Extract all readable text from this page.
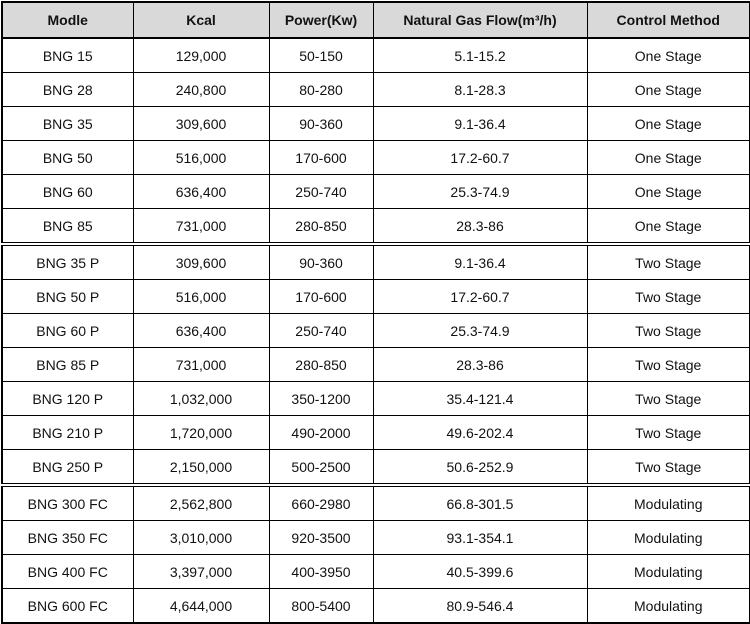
Modle	Kcal	Power(Kw)	Natural Gas Flow(m³/h)	Control Method
BNG 15	129,000	50-150	5.1-15.2	One Stage
BNG 28	240,800	80-280	8.1-28.3	One Stage
BNG 35	309,600	90-360	9.1-36.4	One Stage
BNG 50	516,000	170-600	17.2-60.7	One Stage
BNG 60	636,400	250-740	25.3-74.9	One Stage
BNG 85	731,000	280-850	28.3-86	One Stage
BNG 35 P	309,600	90-360	9.1-36.4	Two Stage
BNG 50 P	516,000	170-600	17.2-60.7	Two Stage
BNG 60 P	636,400	250-740	25.3-74.9	Two Stage
BNG 85 P	731,000	280-850	28.3-86	Two Stage
BNG 120 P	1,032,000	350-1200	35.4-121.4	Two Stage
BNG 210 P	1,720,000	490-2000	49.6-202.4	Two Stage
BNG 250 P	2,150,000	500-2500	50.6-252.9	Two Stage
BNG 300 FC	2,562,800	660-2980	66.8-301.5	Modulating
BNG 350 FC	3,010,000	920-3500	93.1-354.1	Modulating
BNG 400 FC	3,397,000	400-3950	40.5-399.6	Modulating
BNG 600 FC	4,644,000	800-5400	80.9-546.4	Modulating
